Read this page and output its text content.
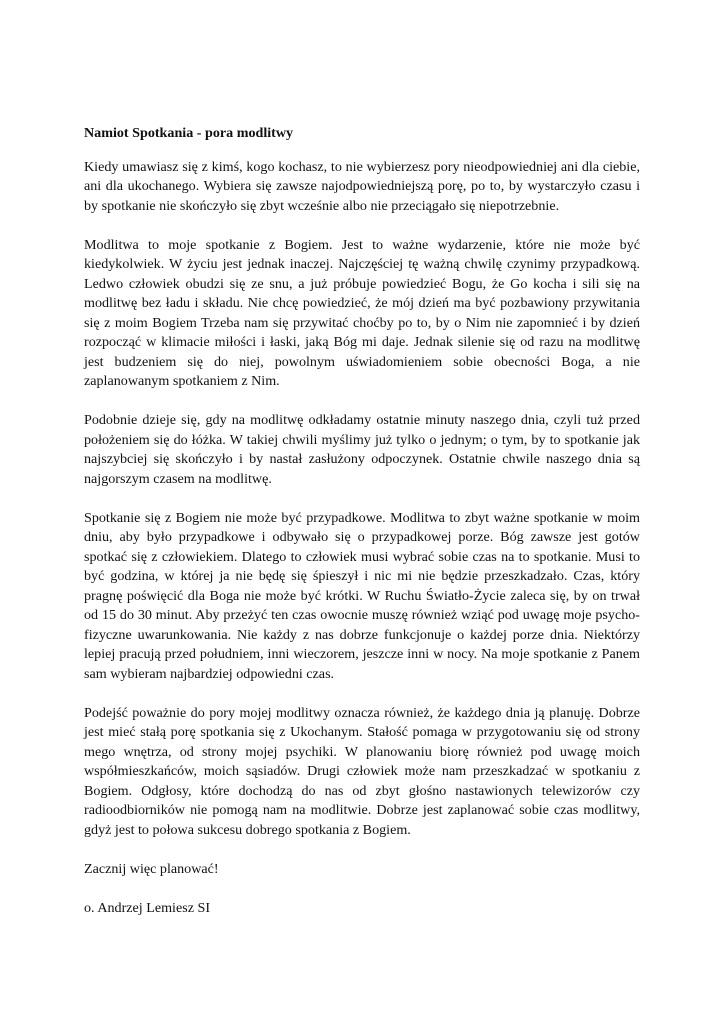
Namiot Spotkania - pora modlitwy

Kiedy umawiasz się z kimś, kogo kochasz, to nie wybierzesz pory nieodpowiedniej ani dla ciebie, ani dla ukochanego. Wybiera się zawsze najodpowiedniejszą porę, po to, by wystarczyło czasu i by spotkanie nie skończyło się zbyt wcześnie albo nie przeciągało się niepotrzebnie.

Modlitwa to moje spotkanie z Bogiem. Jest to ważne wydarzenie, które nie może być kiedykolwiek. W życiu jest jednak inaczej. Najczęściej tę ważną chwilę czynimy przypadkową. Ledwo człowiek obudzi się ze snu, a już próbuje powiedzieć Bogu, że Go kocha i sili się na modlitwę bez ładu i składu. Nie chcę powiedzieć, że mój dzień ma być pozbawiony przywitania się z moim Bogiem Trzeba nam się przywitać choćby po to, by o Nim nie zapomnieć i by dzień rozpocząć w klimacie miłości i łaski, jaką Bóg mi daje. Jednak silenie się od razu na modlitwę jest budzeniem się do niej, powolnym uświadomieniem sobie obecności Boga, a nie zaplanowanym spotkaniem z Nim.

Podobnie dzieje się, gdy na modlitwę odkładamy ostatnie minuty naszego dnia, czyli tuż przed położeniem się do łóżka. W takiej chwili myślimy już tylko o jednym; o tym, by to spotkanie jak najszybciej się skończyło i by nastał zasłużony odpoczynek. Ostatnie chwile naszego dnia są najgorszym czasem na modlitwę.

Spotkanie się z Bogiem nie może być przypadkowe. Modlitwa to zbyt ważne spotkanie w moim dniu, aby było przypadkowe i odbywało się o przypadkowej porze. Bóg zawsze jest gotów spotkać się z człowiekiem. Dlatego to człowiek musi wybrać sobie czas na to spotkanie. Musi to być godzina, w której ja nie będę się śpieszył i nic mi nie będzie przeszkadzało. Czas, który pragnę poświęcić dla Boga nie może być krótki. W Ruchu Światło-Życie zaleca się, by on trwał od 15 do 30 minut. Aby przeżyć ten czas owocnie muszę również wziąć pod uwagę moje psycho-fizyczne uwarunkowania. Nie każdy z nas dobrze funkcjonuje o każdej porze dnia. Niektórzy lepiej pracują przed południem, inni wieczorem, jeszcze inni w nocy. Na moje spotkanie z Panem sam wybieram najbardziej odpowiedni czas.

Podejść poważnie do pory mojej modlitwy oznacza również, że każdego dnia ją planuję. Dobrze jest mieć stałą porę spotkania się z Ukochanym. Stałość pomaga w przygotowaniu się od strony mego wnętrza, od strony mojej psychiki. W planowaniu biorę również pod uwagę moich współmieszkańców, moich sąsiadów. Drugi człowiek może nam przeszkadzać w spotkaniu z Bogiem. Odgłosy, które dochodzą do nas od zbyt głośno nastawionych telewizorów czy radioodbiorników nie pomogą nam na modlitwie. Dobrze jest zaplanować sobie czas modlitwy, gdyż jest to połowa sukcesu dobrego spotkania z Bogiem.

Zacznij więc planować!

o. Andrzej Lemiesz SI
